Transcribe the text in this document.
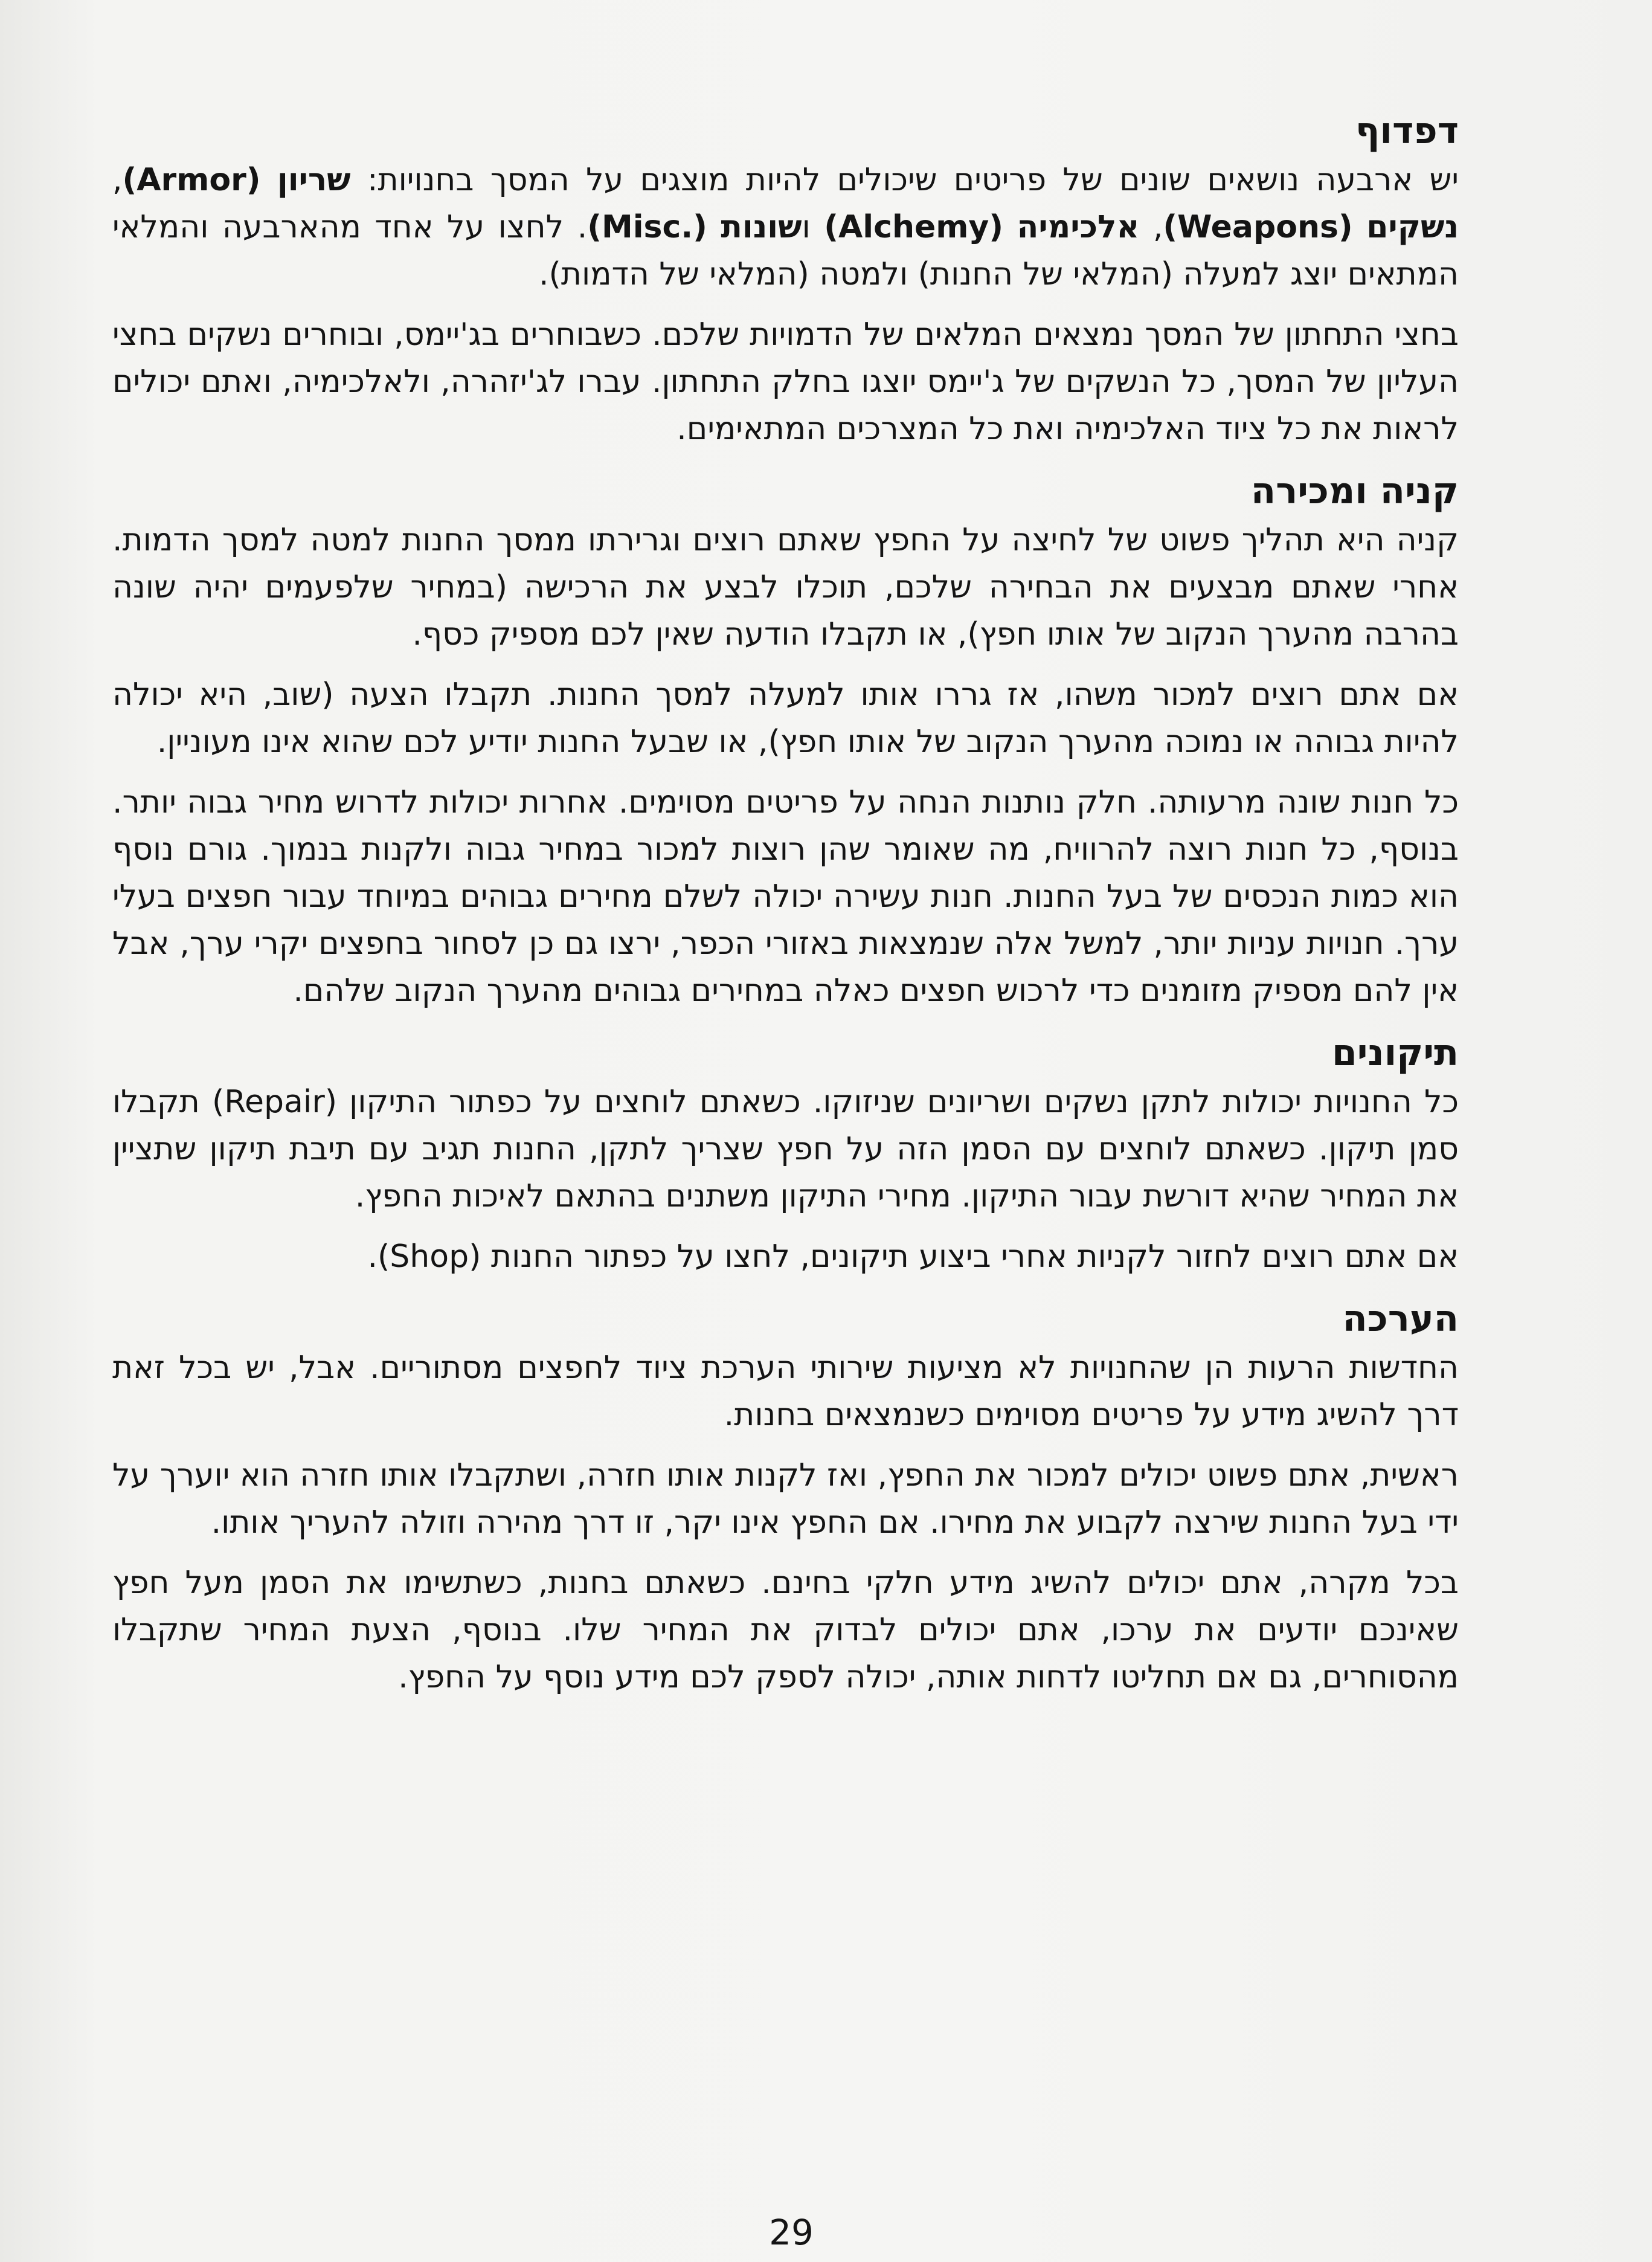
דפדוף

יש ארבעה נושאים שונים של פריטים שיכולים להיות מוצגים על המסך בחנויות: שריון (Armor), נשקים (Weapons), אלכימיה (Alchemy) ושונות (Misc.). לחצו על אחד מהארבעה והמלאי המתאים יוצג למעלה (המלאי של החנות) ולמטה (המלאי של הדמות).

בחצי התחתון של המסך נמצאים המלאים של הדמויות שלכם. כשבוחרים בג'יימס, ובוחרים נשקים בחצי העליון של המסך, כל הנשקים של ג'יימס יוצגו בחלק התחתון. עברו לג'יזהרה, ולאלכימיה, ואתם יכולים לראות את כל ציוד האלכימיה ואת כל המצרכים המתאימים.

קניה ומכירה

קניה היא תהליך פשוט של לחיצה על החפץ שאתם רוצים וגרירתו ממסך החנות למטה למסך הדמות. אחרי שאתם מבצעים את הבחירה שלכם, תוכלו לבצע את הרכישה (במחיר שלפעמים יהיה שונה בהרבה מהערך הנקוב של אותו חפץ), או תקבלו הודעה שאין לכם מספיק כסף.

אם אתם רוצים למכור משהו, אז גררו אותו למעלה למסך החנות. תקבלו הצעה (שוב, היא יכולה להיות גבוהה או נמוכה מהערך הנקוב של אותו חפץ), או שבעל החנות יודיע לכם שהוא אינו מעוניין.

כל חנות שונה מרעותה. חלק נותנות הנחה על פריטים מסוימים. אחרות יכולות לדרוש מחיר גבוה יותר. בנוסף, כל חנות רוצה להרוויח, מה שאומר שהן רוצות למכור במחיר גבוה ולקנות בנמוך. גורם נוסף הוא כמות הנכסים של בעל החנות. חנות עשירה יכולה לשלם מחירים גבוהים במיוחד עבור חפצים בעלי ערך. חנויות עניות יותר, למשל אלה שנמצאות באזורי הכפר, ירצו גם כן לסחור בחפצים יקרי ערך, אבל אין להם מספיק מזומנים כדי לרכוש חפצים כאלה במחירים גבוהים מהערך הנקוב שלהם.

תיקונים

כל החנויות יכולות לתקן נשקים ושריונים שניזוקו. כשאתם לוחצים על כפתור התיקון (Repair) תקבלו סמן תיקון. כשאתם לוחצים עם הסמן הזה על חפץ שצריך לתקן, החנות תגיב עם תיבת תיקון שתציין את המחיר שהיא דורשת עבור התיקון. מחירי התיקון משתנים בהתאם לאיכות החפץ.

אם אתם רוצים לחזור לקניות אחרי ביצוע תיקונים, לחצו על כפתור החנות (Shop).

הערכה

החדשות הרעות הן שהחנויות לא מציעות שירותי הערכת ציוד לחפצים מסתוריים. אבל, יש בכל זאת דרך להשיג מידע על פריטים מסוימים כשנמצאים בחנות.

ראשית, אתם פשוט יכולים למכור את החפץ, ואז לקנות אותו חזרה, ושתקבלו אותו חזרה הוא יוערך על ידי בעל החנות שירצה לקבוע את מחירו. אם החפץ אינו יקר, זו דרך מהירה וזולה להעריך אותו.

בכל מקרה, אתם יכולים להשיג מידע חלקי בחינם. כשאתם בחנות, כשתשימו את הסמן מעל חפץ שאינכם יודעים את ערכו, אתם יכולים לבדוק את המחיר שלו. בנוסף, הצעת המחיר שתקבלו מהסוחרים, גם אם תחליטו לדחות אותה, יכולה לספק לכם מידע נוסף על החפץ.

29
